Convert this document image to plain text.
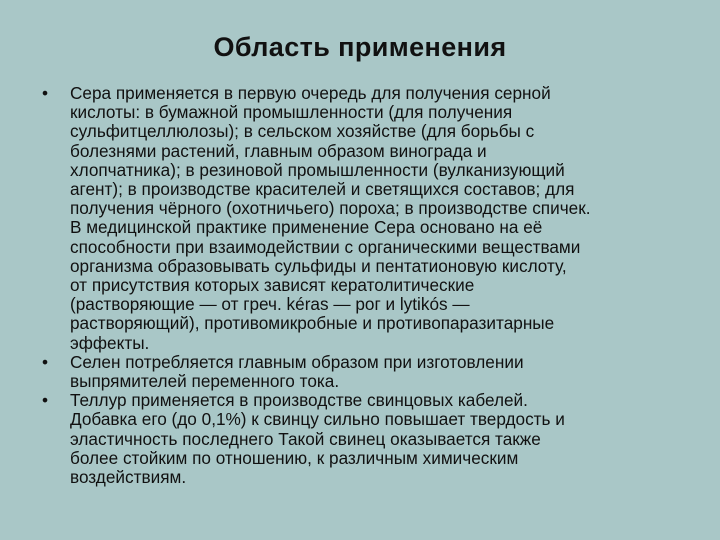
Область применения
• Сера применяется в первую очередь для получения серной
кислоты: в бумажной промышленности (для получения
сульфитцеллюлозы); в сельском хозяйстве (для борьбы с
болезнями растений, главным образом винограда и
хлопчатника); в резиновой промышленности (вулканизующий
агент); в производстве красителей и светящихся составов; для
получения чёрного (охотничьего) пороха; в производстве спичек.
В медицинской практике применение Сера основано на её
способности при взаимодействии с органическими веществами
организма образовывать сульфиды и пентатионовую кислоту,
от присутствия которых зависят кератолитические
(растворяющие — от греч. kéras — рог и lytikós —
растворяющий), противомикробные и противопаразитарные
эффекты.
• Селен потребляется главным образом при изготовлении
выпрямителей переменного тока.
• Теллур применяется в производстве свинцовых кабелей.
Добавка его (до 0,1%) к свинцу сильно повышает твердость и
эластичность последнего Такой свинец оказывается также
более стойким по отношению, к различным химическим
воздействиям.
